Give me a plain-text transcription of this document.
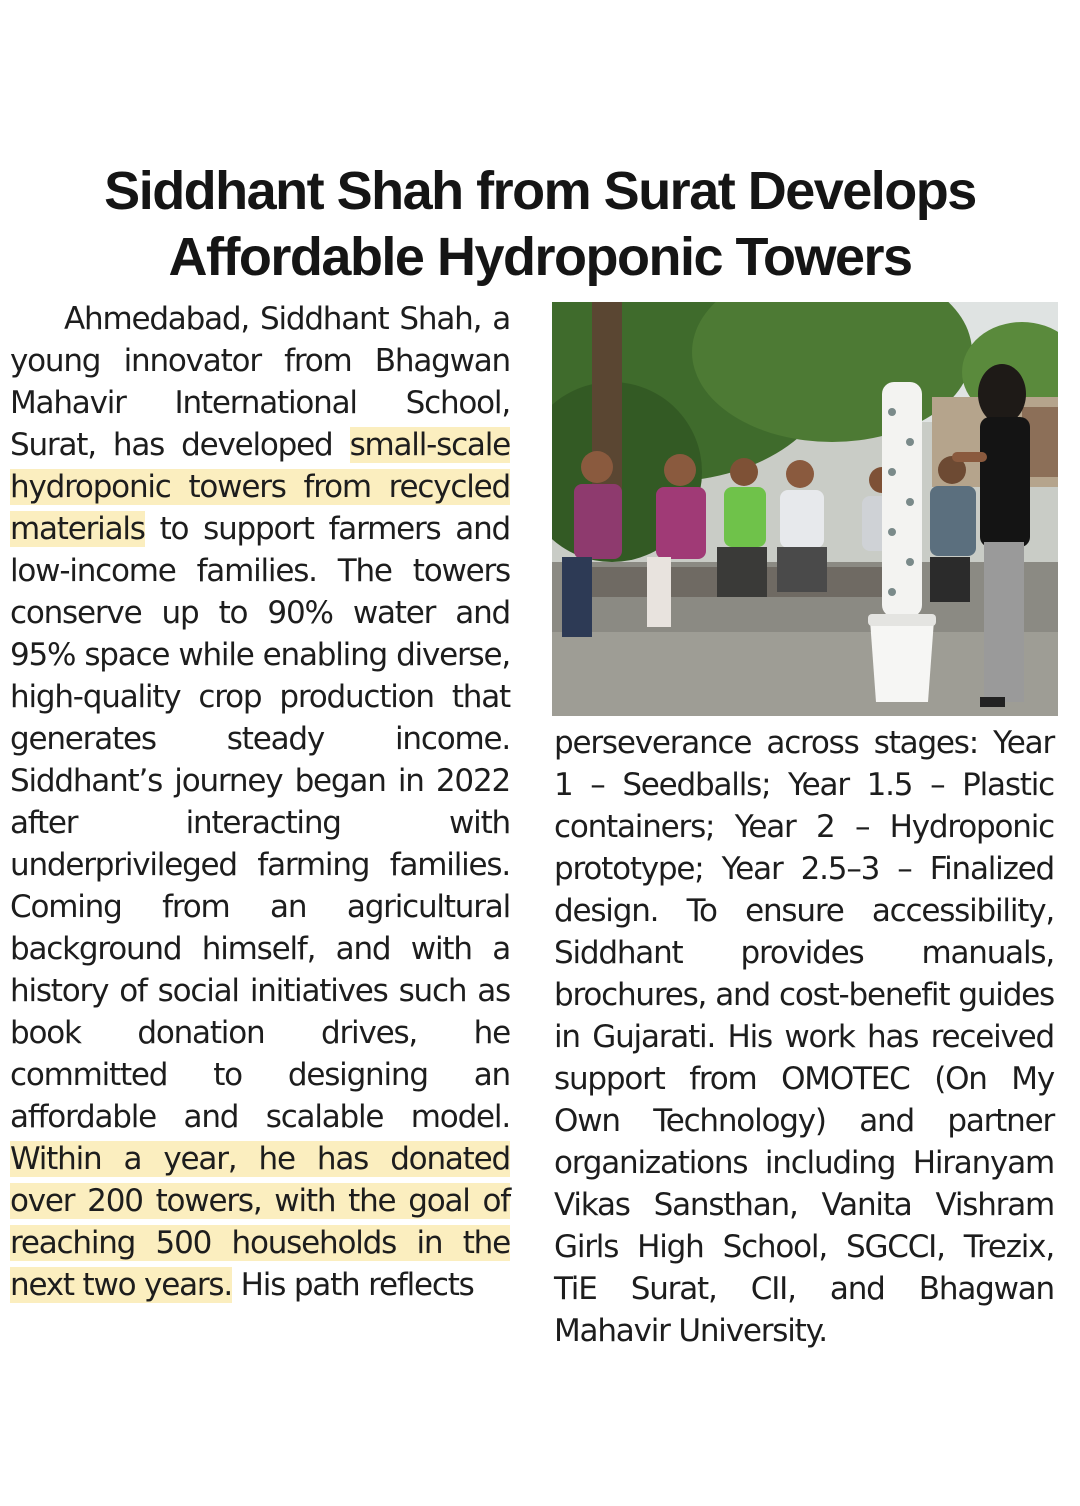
Siddhant Shah from Surat Develops
Affordable Hydroponic Towers

Ahmedabad, Siddhant Shah, a young innovator from Bhagwan Mahavir International School, Surat, has developed small-scale hydroponic towers from recycled materials to support farmers and low-income families. The towers conserve up to 90% water and 95% space while enabling diverse, high-quality crop production that generates steady income. Siddhant’s journey began in 2022 after interacting with underprivileged farming families. Coming from an agricultural background himself, and with a history of social initiatives such as book donation drives, he committed to designing an affordable and scalable model. Within a year, he has donated over 200 towers, with the goal of reaching 500 households in the next two years. His path reflects

perseverance across stages: Year 1 – Seedballs; Year 1.5 – Plastic containers; Year 2 – Hydroponic prototype; Year 2.5–3 – Finalized design. To ensure accessibility, Siddhant provides manuals, brochures, and cost-benefit guides in Gujarati. His work has received support from OMOTEC (On My Own Technology) and partner organizations including Hiranyam Vikas Sansthan, Vanita Vishram Girls High School, SGCCI, Trezix, TiE Surat, CII, and Bhagwan Mahavir University.
